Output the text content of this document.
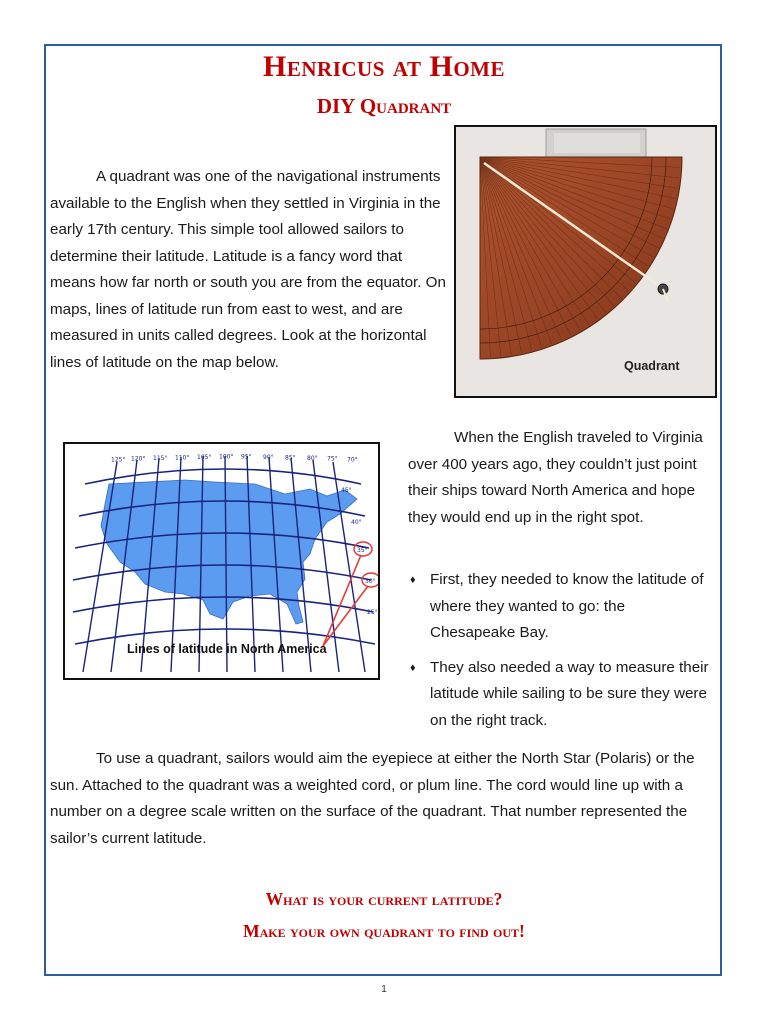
Henricus at Home
DIY Quadrant

A quadrant was one of the navigational instruments available to the English when they settled in Virginia in the early 17th century. This simple tool allowed sailors to determine their latitude. Latitude is a fancy word that means how far north or south you are from the equator. On maps, lines of latitude run from east to west, and are measured in units called degrees. Look at the horizontal lines of latitude on the map below.	Quadrant
125° 120° 115° 110° 105° 100° 95° 90° 85° 80° 75° 70°
45°
40°
35°
30°
25°
Lines of latitude in North America

When the English traveled to Virginia over 400 years ago, they couldn’t just point their ships toward North America and hope they would end up in the right spot.

♦ First, they needed to know the latitude of where they wanted to go: the Chesapeake Bay.
♦ They also needed a way to measure their latitude while sailing to be sure they were on the right track.

To use a quadrant, sailors would aim the eyepiece at either the North Star (Polaris) or the sun. Attached to the quadrant was a weighted cord, or plum line. The cord would line up with a number on a degree scale written on the surface of the quadrant. That number represented the sailor’s current latitude.

What is your current latitude?
Make your own quadrant to find out!
1
